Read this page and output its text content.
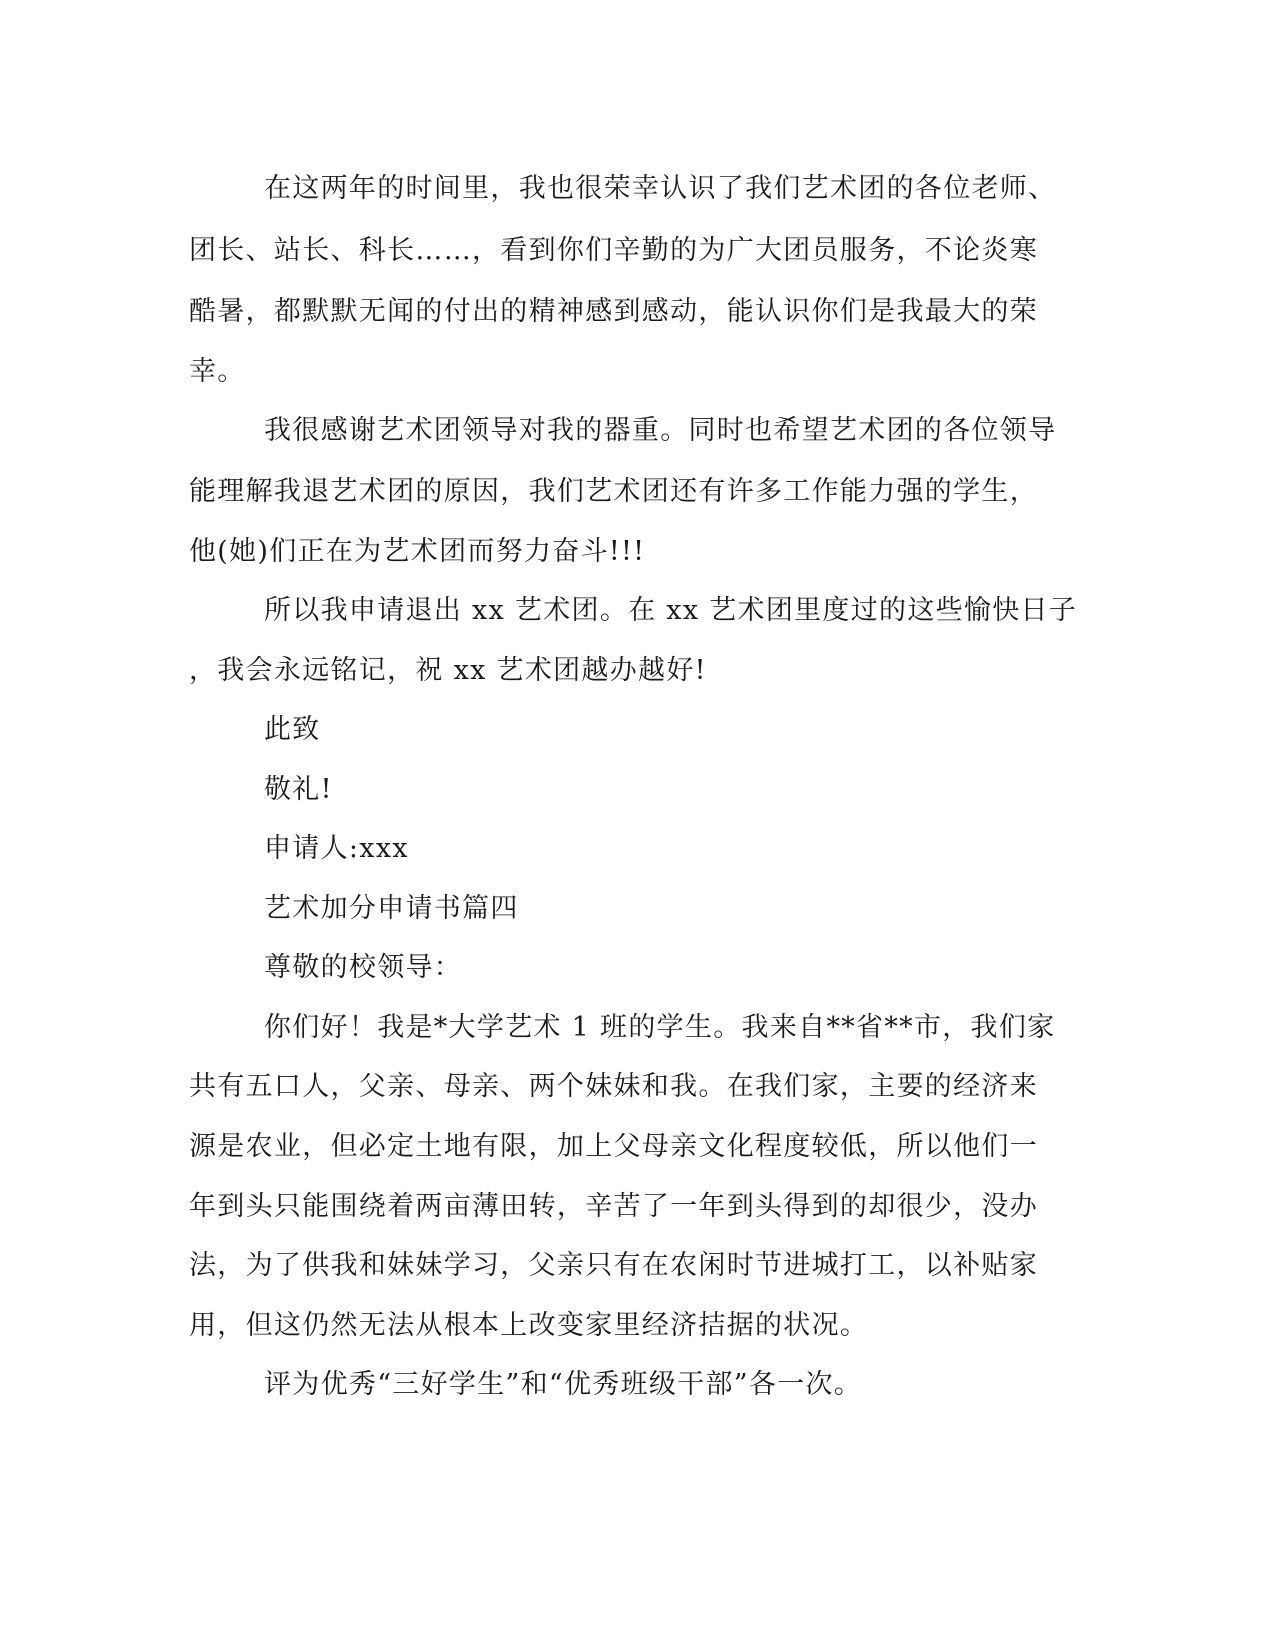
在这两年的时间里，我也很荣幸认识了我们艺术团的各位老师、
团长、站长、科长……，看到你们辛勤的为广大团员服务，不论炎寒
酷暑，都默默无闻的付出的精神感到感动，能认识你们是我最大的荣
幸。
我很感谢艺术团领导对我的器重。同时也希望艺术团的各位领导
能理解我退艺术团的原因，我们艺术团还有许多工作能力强的学生，
他(她)们正在为艺术团而努力奋斗!!!
所以我申请退出 xx 艺术团。在 xx 艺术团里度过的这些愉快日子
，我会永远铭记，祝 xx 艺术团越办越好!
此致
敬礼!
申请人:xxx
艺术加分申请书篇四
尊敬的校领导：
你们好！我是*大学艺术 1 班的学生。我来自**省**市，我们家
共有五口人，父亲、母亲、两个妹妹和我。在我们家，主要的经济来
源是农业，但必定土地有限，加上父母亲文化程度较低，所以他们一
年到头只能围绕着两亩薄田转，辛苦了一年到头得到的却很少，没办
法，为了供我和妹妹学习，父亲只有在农闲时节进城打工，以补贴家
用，但这仍然无法从根本上改变家里经济拮据的状况。
评为优秀“三好学生”和“优秀班级干部”各一次。
